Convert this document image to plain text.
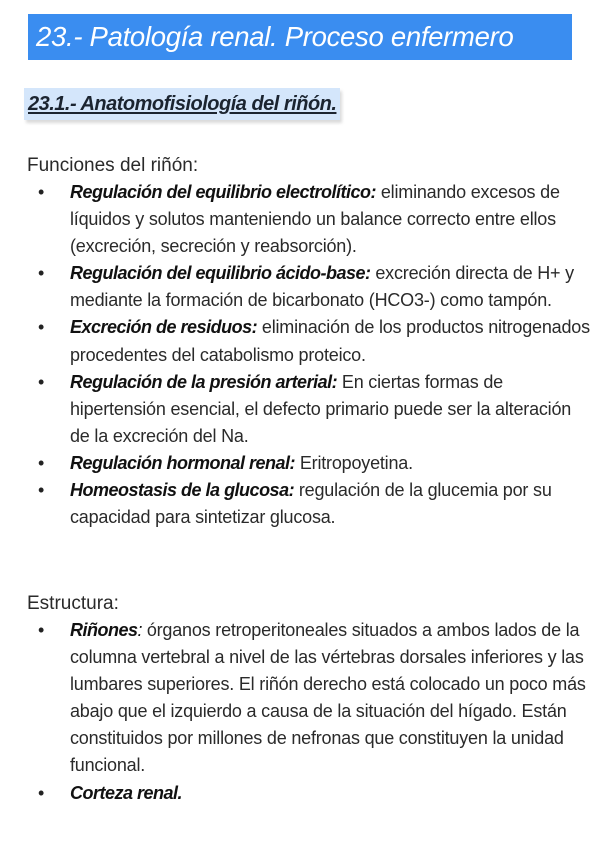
23.- Patología renal. Proceso enfermero
23.1.- Anatomofisiología del riñón.
Funciones del riñón:
• Regulación del equilibrio electrolítico: eliminando excesos de líquidos y solutos manteniendo un balance correcto entre ellos (excreción, secreción y reabsorción).
• Regulación del equilibrio ácido-base: excreción directa de H+ y mediante la formación de bicarbonato (HCO3-) como tampón.
• Excreción de residuos: eliminación de los productos nitrogenados procedentes del catabolismo proteico.
• Regulación de la presión arterial: En ciertas formas de hipertensión esencial, el defecto primario puede ser la alteración de la excreción del Na.
• Regulación hormonal renal: Eritropoyetina.
• Homeostasis de la glucosa: regulación de la glucemia por su capacidad para sintetizar glucosa.
Estructura:
• Riñones: órganos retroperitoneales situados a ambos lados de la columna vertebral a nivel de las vértebras dorsales inferiores y las lumbares superiores. El riñón derecho está colocado un poco más abajo que el izquierdo a causa de la situación del hígado. Están constituidos por millones de nefronas que constituyen la unidad funcional.
• Corteza renal.
